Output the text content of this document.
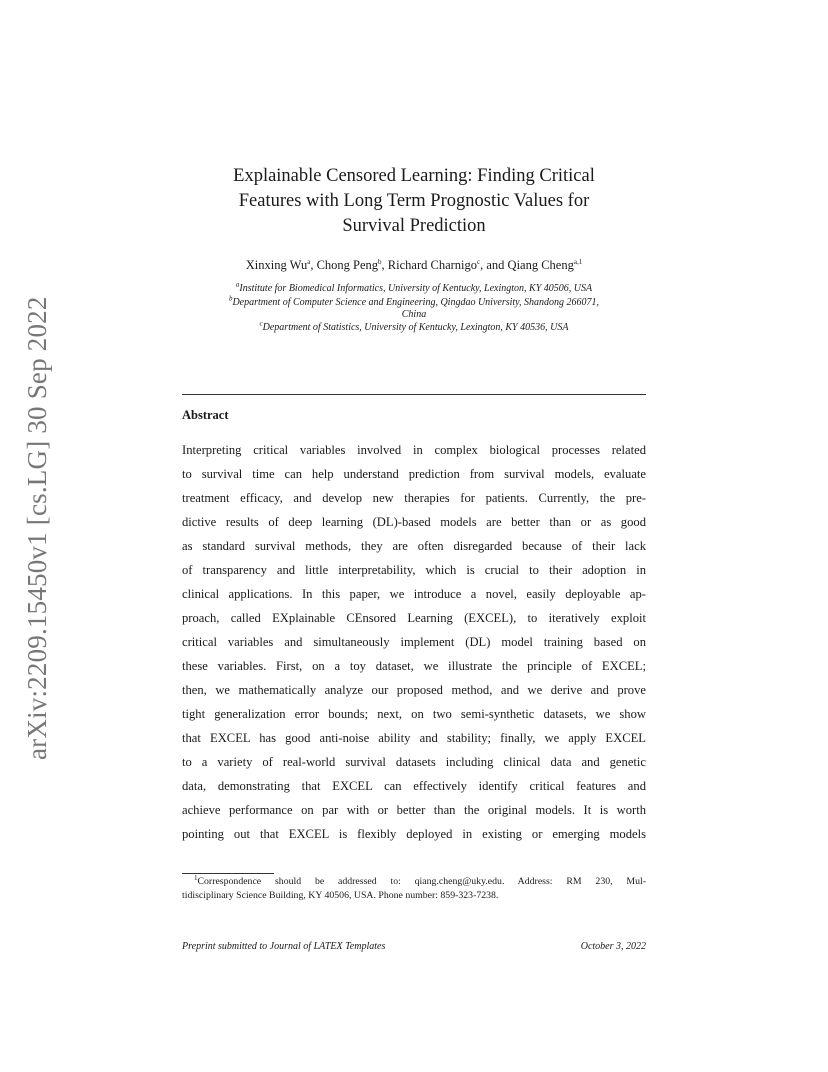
arXiv:2209.15450v1 [cs.LG] 30 Sep 2022
Explainable Censored Learning: Finding Critical
Features with Long Term Prognostic Values for
Survival Prediction
Xinxing Wu$^a$, Chong Peng$^b$, Richard Charnigo$^c$, and Qiang Cheng$^{a,1}$
$^a$Institute for Biomedical Informatics, University of Kentucky, Lexington, KY 40506, USA
$^b$Department of Computer Science and Engineering, Qingdao University, Shandong 266071,
China
$^c$Department of Statistics, University of Kentucky, Lexington, KY 40536, USA
Abstract
Interpreting critical variables involved in complex biological processes related
to survival time can help understand prediction from survival models, evaluate
treatment efficacy, and develop new therapies for patients. Currently, the pre-
dictive results of deep learning (DL)-based models are better than or as good
as standard survival methods, they are often disregarded because of their lack
of transparency and little interpretability, which is crucial to their adoption in
clinical applications. In this paper, we introduce a novel, easily deployable ap-
proach, called EXplainable CEnsored Learning (EXCEL), to iteratively exploit
critical variables and simultaneously implement (DL) model training based on
these variables. First, on a toy dataset, we illustrate the principle of EXCEL;
then, we mathematically analyze our proposed method, and we derive and prove
tight generalization error bounds; next, on two semi-synthetic datasets, we show
that EXCEL has good anti-noise ability and stability; finally, we apply EXCEL
to a variety of real-world survival datasets including clinical data and genetic
data, demonstrating that EXCEL can effectively identify critical features and
achieve performance on par with or better than the original models. It is worth
pointing out that EXCEL is flexibly deployed in existing or emerging models
$^1$Correspondence should be addressed to: qiang.cheng@uky.edu. Address: RM 230, Mul-
tidisciplinary Science Building, KY 40506, USA. Phone number: 859-323-7238.
Preprint submitted to Journal of LATEX Templates	October 3, 2022
